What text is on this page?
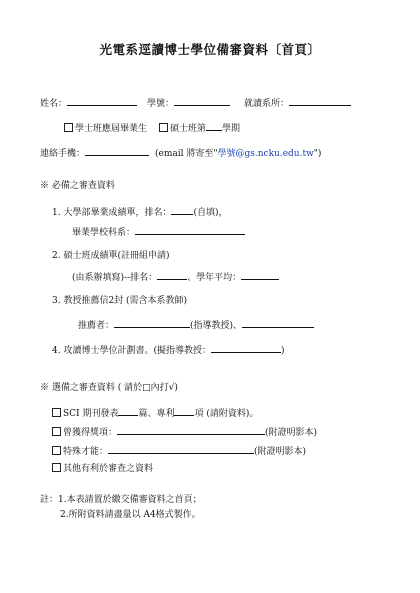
光電系逕讀博士學位備審資料〔首頁〕
姓名：	學號：	就讀系所：
學士班應屆畢業生	碩士班第 學期
連絡手機：	(email 將寄至"學號@gs.ncku.edu.tw")
※ 必備之審查資料
1. 大學部畢業成績單，排名： (自填)，
畢業學校科系：
2. 碩士班成績單(註冊組申請)
(由系辦填寫)--排名：	、學年平均：
3. 教授推薦信2封 (需含本系教師)
推薦者：	(指導教授)、
4. 攻讀博士學位計劃書。(擬指導教授：	)
※ 選備之審查資料 ( 請於□內打√)
SCI 期刊發表 篇、專利 項 (請附資料)。
曾獲得獎項：	(附證明影本)
特殊才能：	(附證明影本)
其他有利於審查之資料
註：1.本表請置於繳交備審資料之首頁；
2.所附資料請盡量以 A4格式製作。
